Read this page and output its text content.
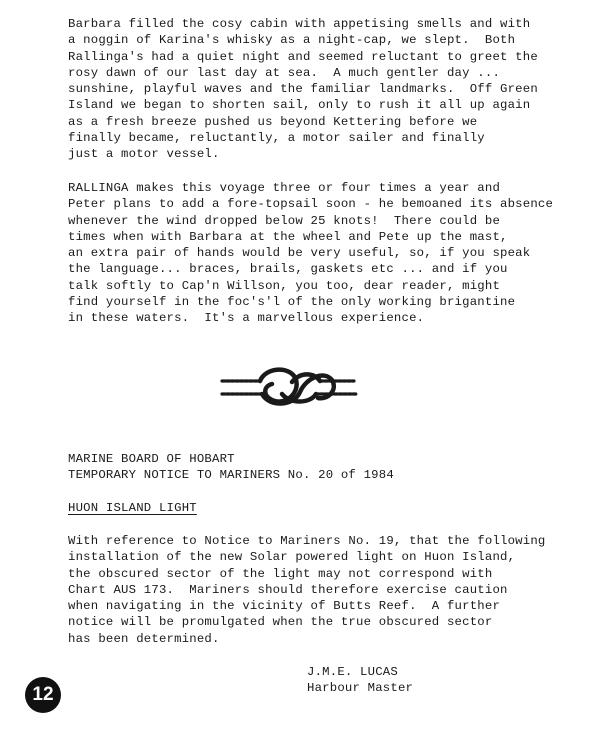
Barbara filled the cosy cabin with appetising smells and with
a noggin of Karina's whisky as a night-cap, we slept.  Both
Rallinga's had a quiet night and seemed reluctant to greet the
rosy dawn of our last day at sea.  A much gentler day ...
sunshine, playful waves and the familiar landmarks.  Off Green
Island we began to shorten sail, only to rush it all up again
as a fresh breeze pushed us beyond Kettering before we
finally became, reluctantly, a motor sailer and finally
just a motor vessel.
RALLINGA makes this voyage three or four times a year and
Peter plans to add a fore-topsail soon - he bemoaned its absence
whenever the wind dropped below 25 knots!  There could be
times when with Barbara at the wheel and Pete up the mast,
an extra pair of hands would be very useful, so, if you speak
the language... braces, brails, gaskets etc ... and if you
talk softly to Cap'n Willson, you too, dear reader, might
find yourself in the foc's'l of the only working brigantine
in these waters.  It's a marvellous experience.
MARINE BOARD OF HOBART
TEMPORARY NOTICE TO MARINERS No. 20 of 1984
HUON ISLAND LIGHT
With reference to Notice to Mariners No. 19, that the following
installation of the new Solar powered light on Huon Island,
the obscured sector of the light may not correspond with
Chart AUS 173.  Mariners should therefore exercise caution
when navigating in the vicinity of Butts Reef.  A further
notice will be promulgated when the true obscured sector
has been determined.
J.M.E. LUCAS
Harbour Master
12
